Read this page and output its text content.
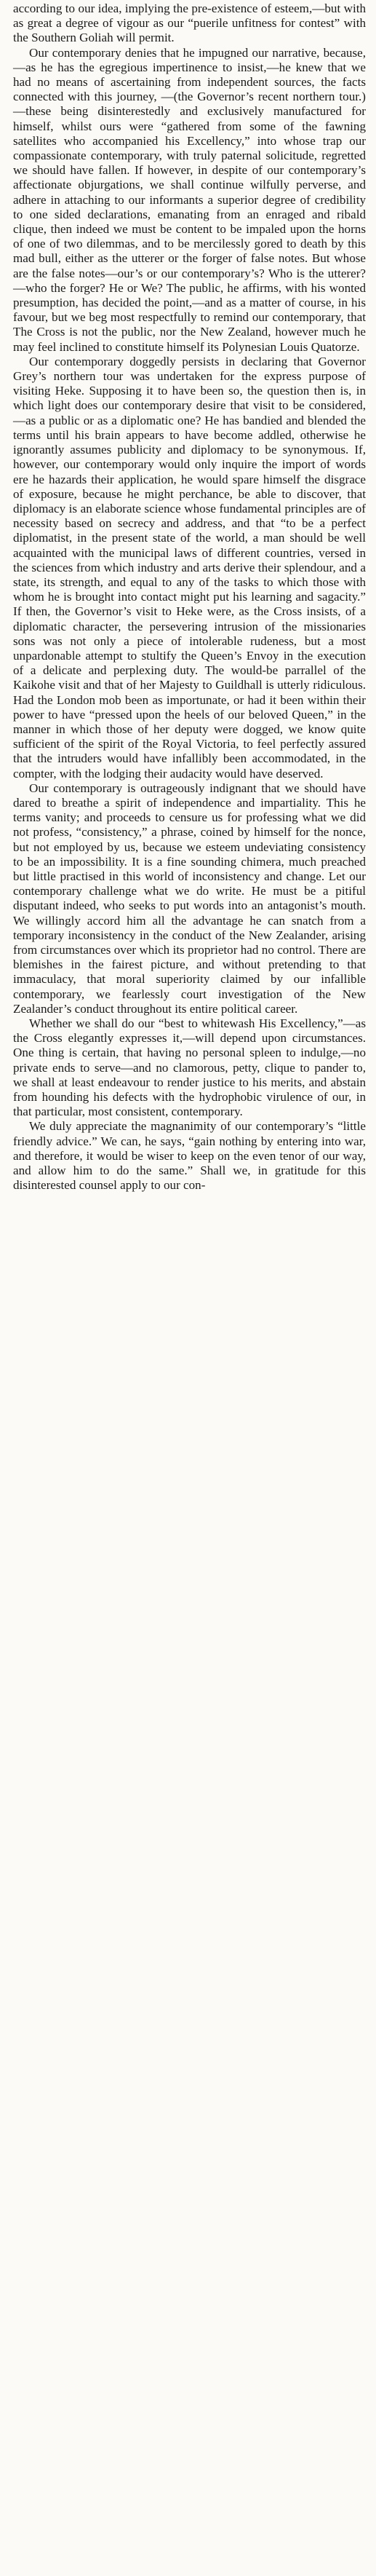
according to our idea, implying the pre-existence of esteem,—but with as great a degree of vigour as our “puerile unfitness for contest” with the Southern Goliah will permit.

Our contemporary denies that he impugned our narrative, because,—as he has the egregious impertinence to insist,—he knew that we had no means of ascertaining from independent sources, the facts connected with this journey, —(the Governor’s recent northern tour.) —these being disinterestedly and exclusively manufactured for himself, whilst ours were “gathered from some of the fawning satellites who accompanied his Excellency,” into whose trap our compassionate contemporary, with truly paternal solicitude, regretted we should have fallen. If however, in despite of our contemporary’s affectionate objurgations, we shall continue wilfully perverse, and adhere in attaching to our informants a superior degree of credibility to one sided declarations, emanating from an enraged and ribald clique, then indeed we must be content to be impaled upon the horns of one of two dilemmas, and to be mercilessly gored to death by this mad bull, either as the utterer or the forger of false notes. But whose are the false notes—our’s or our contemporary’s? Who is the utterer? —who the forger? He or We? The public, he affirms, with his wonted presumption, has decided the point,—and as a matter of course, in his favour, but we beg most respectfully to remind our contemporary, that The Cross is not the public, nor the New Zealand, however much he may feel inclined to constitute himself its Polynesian Louis Quatorze.

Our contemporary doggedly persists in declaring that Governor Grey’s northern tour was undertaken for the express purpose of visiting Heke. Supposing it to have been so, the question then is, in which light does our contemporary desire that visit to be considered, —as a public or as a diplomatic one? He has bandied and blended the terms until his brain appears to have become addled, otherwise he ignorantly assumes publicity and diplomacy to be synonymous. If, however, our contemporary would only inquire the import of words ere he hazards their application, he would spare himself the disgrace of exposure, because he might perchance, be able to discover, that diplomacy is an elaborate science whose fundamental principles are of necessity based on secrecy and address, and that “to be a perfect diplomatist, in the present state of the world, a man should be well acquainted with the municipal laws of different countries, versed in the sciences from which industry and arts derive their splendour, and a state, its strength, and equal to any of the tasks to which those with whom he is brought into contact might put his learning and sagacity.” If then, the Governor’s visit to Heke were, as the Cross insists, of a diplomatic character, the persevering intrusion of the missionaries sons was not only a piece of intolerable rudeness, but a most unpardonable attempt to stultify the Queen’s Envoy in the execution of a delicate and perplexing duty. The would-be parrallel of the Kaikohe visit and that of her Majesty to Guildhall is utterly ridiculous. Had the London mob been as importunate, or had it been within their power to have “pressed upon the heels of our beloved Queen,” in the manner in which those of her deputy were dogged, we know quite sufficient of the spirit of the Royal Victoria, to feel perfectly assured that the intruders would have infallibly been accommodated, in the compter, with the lodging their audacity would have deserved.

Our contemporary is outrageously indignant that we should have dared to breathe a spirit of independence and impartiality. This he terms vanity; and proceeds to censure us for professing what we did not profess, “consistency,” a phrase, coined by himself for the nonce, but not employed by us, because we esteem undeviating consistency to be an impossibility. It is a fine sounding chimera, much preached but little practised in this world of inconsistency and change. Let our contemporary challenge what we do write. He must be a pitiful disputant indeed, who seeks to put words into an antagonist’s mouth. We willingly accord him all the advantage he can snatch from a temporary inconsistency in the conduct of the New Zealander, arising from circumstances over which its proprietor had no control. There are blemishes in the fairest picture, and without pretending to that immaculacy, that moral superiority claimed by our infallible contemporary, we fearlessly court investigation of the New Zealander’s conduct throughout its entire political career.

Whether we shall do our “best to whitewash His Excellency,”—as the Cross elegantly expresses it,—will depend upon circumstances. One thing is certain, that having no personal spleen to indulge,—no private ends to serve—and no clamorous, petty, clique to pander to, we shall at least endeavour to render justice to his merits, and abstain from hounding his defects with the hydrophobic virulence of our, in that particular, most consistent, contemporary.

We duly appreciate the magnanimity of our contemporary’s “little friendly advice.” We can, he says, “gain nothing by entering into war, and therefore, it would be wiser to keep on the even tenor of our way, and allow him to do the same.” Shall we, in gratitude for this disinterested counsel apply to our con-
